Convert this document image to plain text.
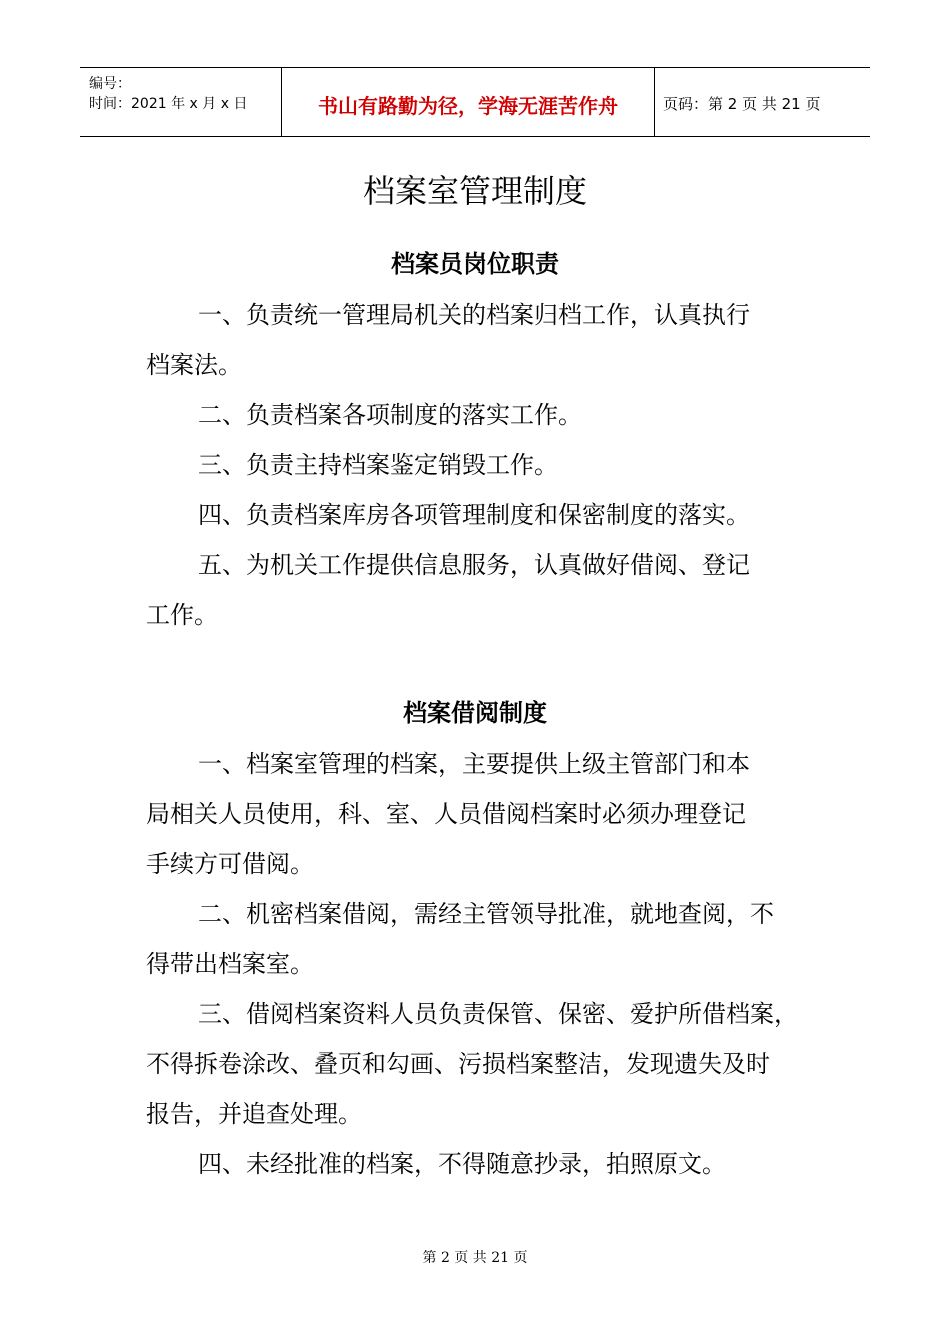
编号：
时间：2021 年 x 月 x 日	书山有路勤为径，学海无涯苦作舟	页码：第 2 页 共 21 页
档案室管理制度
档案员岗位职责
一、负责统一管理局机关的档案归档工作，认真执行
档案法。
二、负责档案各项制度的落实工作。
三、负责主持档案鉴定销毁工作。
四、负责档案库房各项管理制度和保密制度的落实。
五、为机关工作提供信息服务，认真做好借阅、登记
工作。
档案借阅制度
一、档案室管理的档案，主要提供上级主管部门和本
局相关人员使用，科、室、人员借阅档案时必须办理登记
手续方可借阅。
二、机密档案借阅，需经主管领导批准，就地查阅，不
得带出档案室。
三、借阅档案资料人员负责保管、保密、爱护所借档案，
不得拆卷涂改、叠页和勾画、污损档案整洁，发现遗失及时
报告，并追查处理。
四、未经批准的档案，不得随意抄录，拍照原文。
第 2 页 共 21 页
